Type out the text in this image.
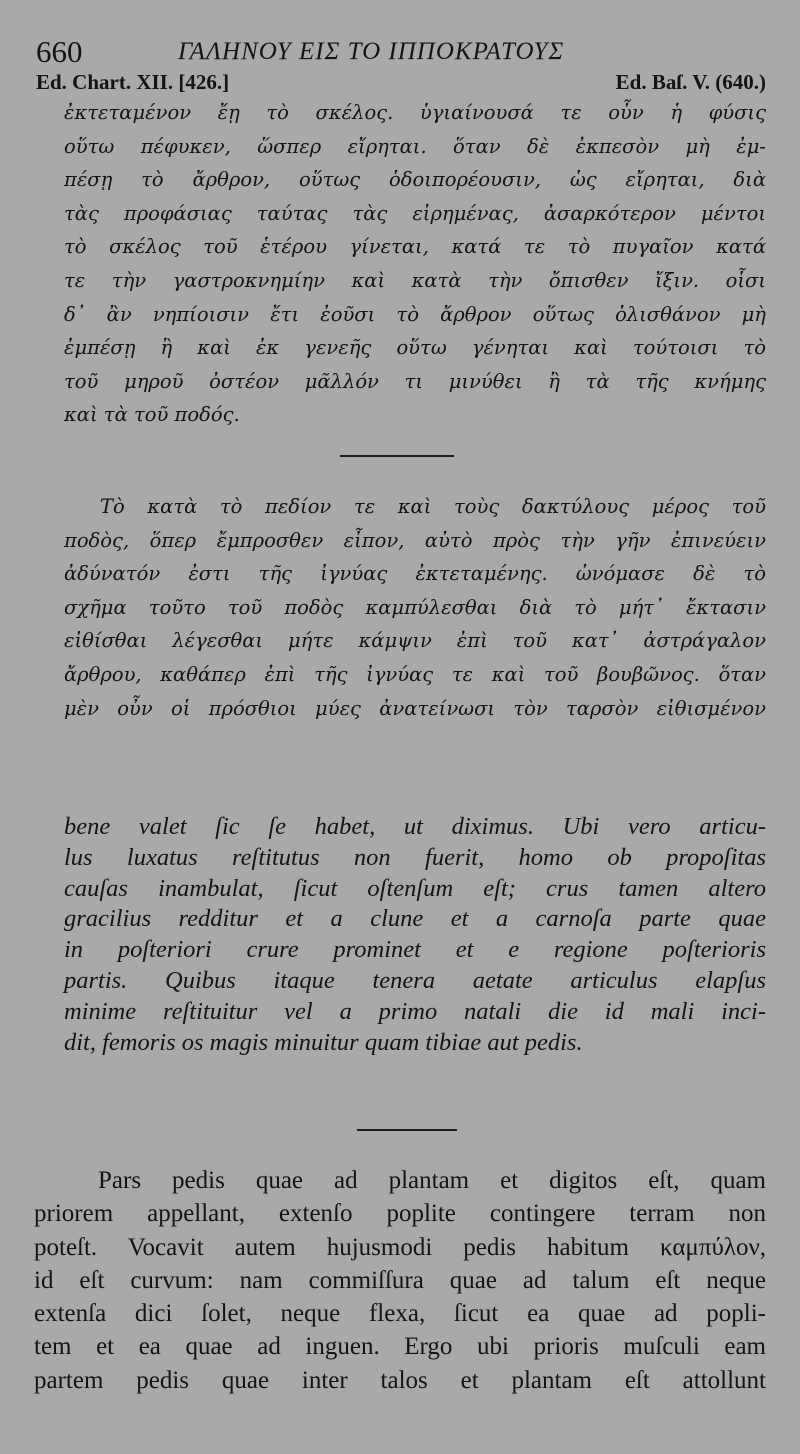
660	ΓΑΛΗΝΟΥ ΕΙΣ ΤΟ ΙΠΠΟΚΡΑΤΟΥΣ
Ed. Chart. XII. [426.]	Ed. Baſ. V. (640.)
ἐκτεταμένον ἔῃ τὸ σκέλος. ὑγιαίνουσά τε οὖν ἡ φύσις
οὕτω πέφυκεν, ὥσπερ εἴρηται. ὅταν δὲ ἐκπεσὸν μὴ ἐμ-
πέσῃ τὸ ἄρθρον, οὕτως ὁδοιπορέουσιν, ὡς εἴρηται, διὰ
τὰς προφάσιας ταύτας τὰς εἰρημένας, ἀσαρκότερον μέντοι
τὸ σκέλος τοῦ ἑτέρου γίνεται, κατά τε τὸ πυγαῖον κατά
τε τὴν γαστροκνημίην καὶ κατὰ τὴν ὄπισθεν ἴξιν. οἷσι
δ᾽ ἂν νηπίοισιν ἔτι ἐοῦσι τὸ ἄρθρον οὕτως ὀλισθάνον μὴ
ἐμπέσῃ ἢ καὶ ἐκ γενεῆς οὕτω γένηται καὶ τούτοισι τὸ
τοῦ μηροῦ ὀστέον μᾶλλόν τι μινύθει ἢ τὰ τῆς κνήμης
καὶ τὰ τοῦ ποδός.
Τὸ κατὰ τὸ πεδίον τε καὶ τοὺς δακτύλους μέρος τοῦ
ποδὸς, ὅπερ ἔμπροσθεν εἶπον, αὐτὸ πρὸς τὴν γῆν ἐπινεύειν
ἀδύνατόν ἐστι τῆς ἰγνύας ἐκτεταμένης. ὠνόμασε δὲ τὸ
σχῆμα τοῦτο τοῦ ποδὸς καμπύλεσθαι διὰ τὸ μήτ᾽ ἔκτασιν
εἰθίσθαι λέγεσθαι μήτε κάμψιν ἐπὶ τοῦ κατ᾽ ἀστράγαλον
ἄρθρου, καθάπερ ἐπὶ τῆς ἰγνύας τε καὶ τοῦ βουβῶνος. ὅταν
μὲν οὖν οἱ πρόσθιοι μύες ἀνατείνωσι τὸν ταρσὸν εἰθισμένον
bene valet ſic ſe habet, ut diximus. Ubi vero articu-
lus luxatus reſtitutus non fuerit, homo ob propoſitas
cauſas inambulat, ſicut oſtenſum eſt; crus tamen altero
gracilius redditur et a clune et a carnoſa parte quae
in poſteriori crure prominet et e regione poſterioris
partis. Quibus itaque tenera aetate articulus elapſus
minime reſtituitur vel a primo natali die id mali inci-
dit, femoris os magis minuitur quam tibiae aut pedis.
Pars pedis quae ad plantam et digitos eſt, quam
priorem appellant, extenſo poplite contingere terram non
poteſt. Vocavit autem hujusmodi pedis habitum καμπύλον,
id eſt curvum: nam commiſſura quae ad talum eſt neque
extenſa dici ſolet, neque flexa, ſicut ea quae ad popli-
tem et ea quae ad inguen. Ergo ubi prioris muſculi eam
partem pedis quae inter talos et plantam eſt attollunt
